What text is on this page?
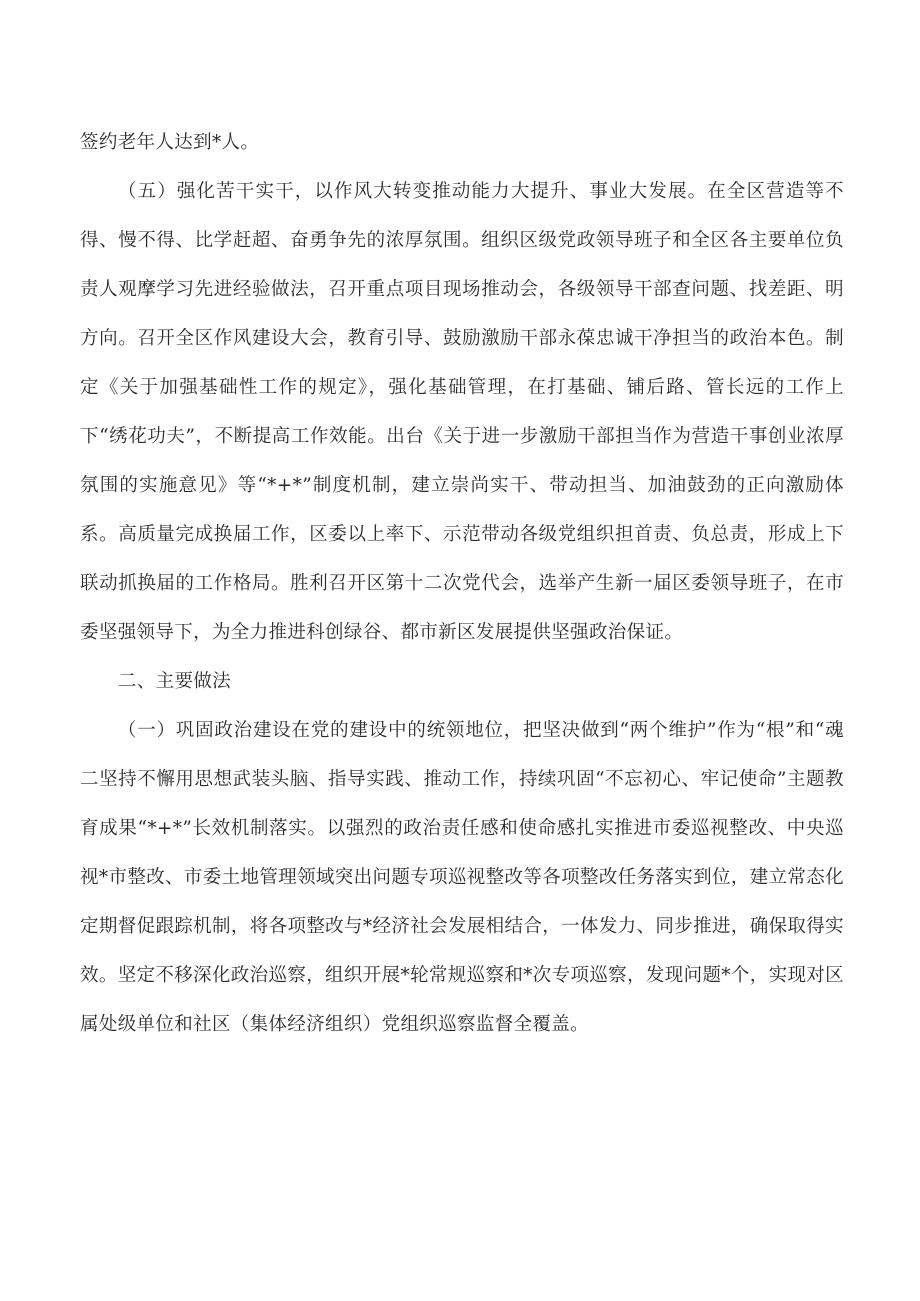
签约老年人达到*人。

（五）强化苦干实干，以作风大转变推动能力大提升、事业大发展。在全区营造等不得、慢不得、比学赶超、奋勇争先的浓厚氛围。组织区级党政领导班子和全区各主要单位负责人观摩学习先进经验做法，召开重点项目现场推动会，各级领导干部查问题、找差距、明方向。召开全区作风建设大会，教育引导、鼓励激励干部永葆忠诚干净担当的政治本色。制定《关于加强基础性工作的规定》，强化基础管理，在打基础、铺后路、管长远的工作上下“绣花功夫”，不断提高工作效能。出台《关于进一步激励干部担当作为营造干事创业浓厚氛围的实施意见》等“*+*”制度机制，建立崇尚实干、带动担当、加油鼓劲的正向激励体系。高质量完成换届工作，区委以上率下、示范带动各级党组织担首责、负总责，形成上下联动抓换届的工作格局。胜利召开区第十二次党代会，选举产生新一届区委领导班子，在市委坚强领导下，为全力推进科创绿谷、都市新区发展提供坚强政治保证。

二、主要做法

（一）巩固政治建设在党的建设中的统领地位，把坚决做到“两个维护”作为“根”和“魂二坚持不懈用思想武装头脑、指导实践、推动工作，持续巩固“不忘初心、牢记使命”主题教育成果“*+*”长效机制落实。以强烈的政治责任感和使命感扎实推进市委巡视整改、中央巡视*市整改、市委土地管理领域突出问题专项巡视整改等各项整改任务落实到位，建立常态化定期督促跟踪机制，将各项整改与*经济社会发展相结合，一体发力、同步推进，确保取得实效。坚定不移深化政治巡察，组织开展*轮常规巡察和*次专项巡察，发现问题*个，实现对区属处级单位和社区（集体经济组织）党组织巡察监督全覆盖。
